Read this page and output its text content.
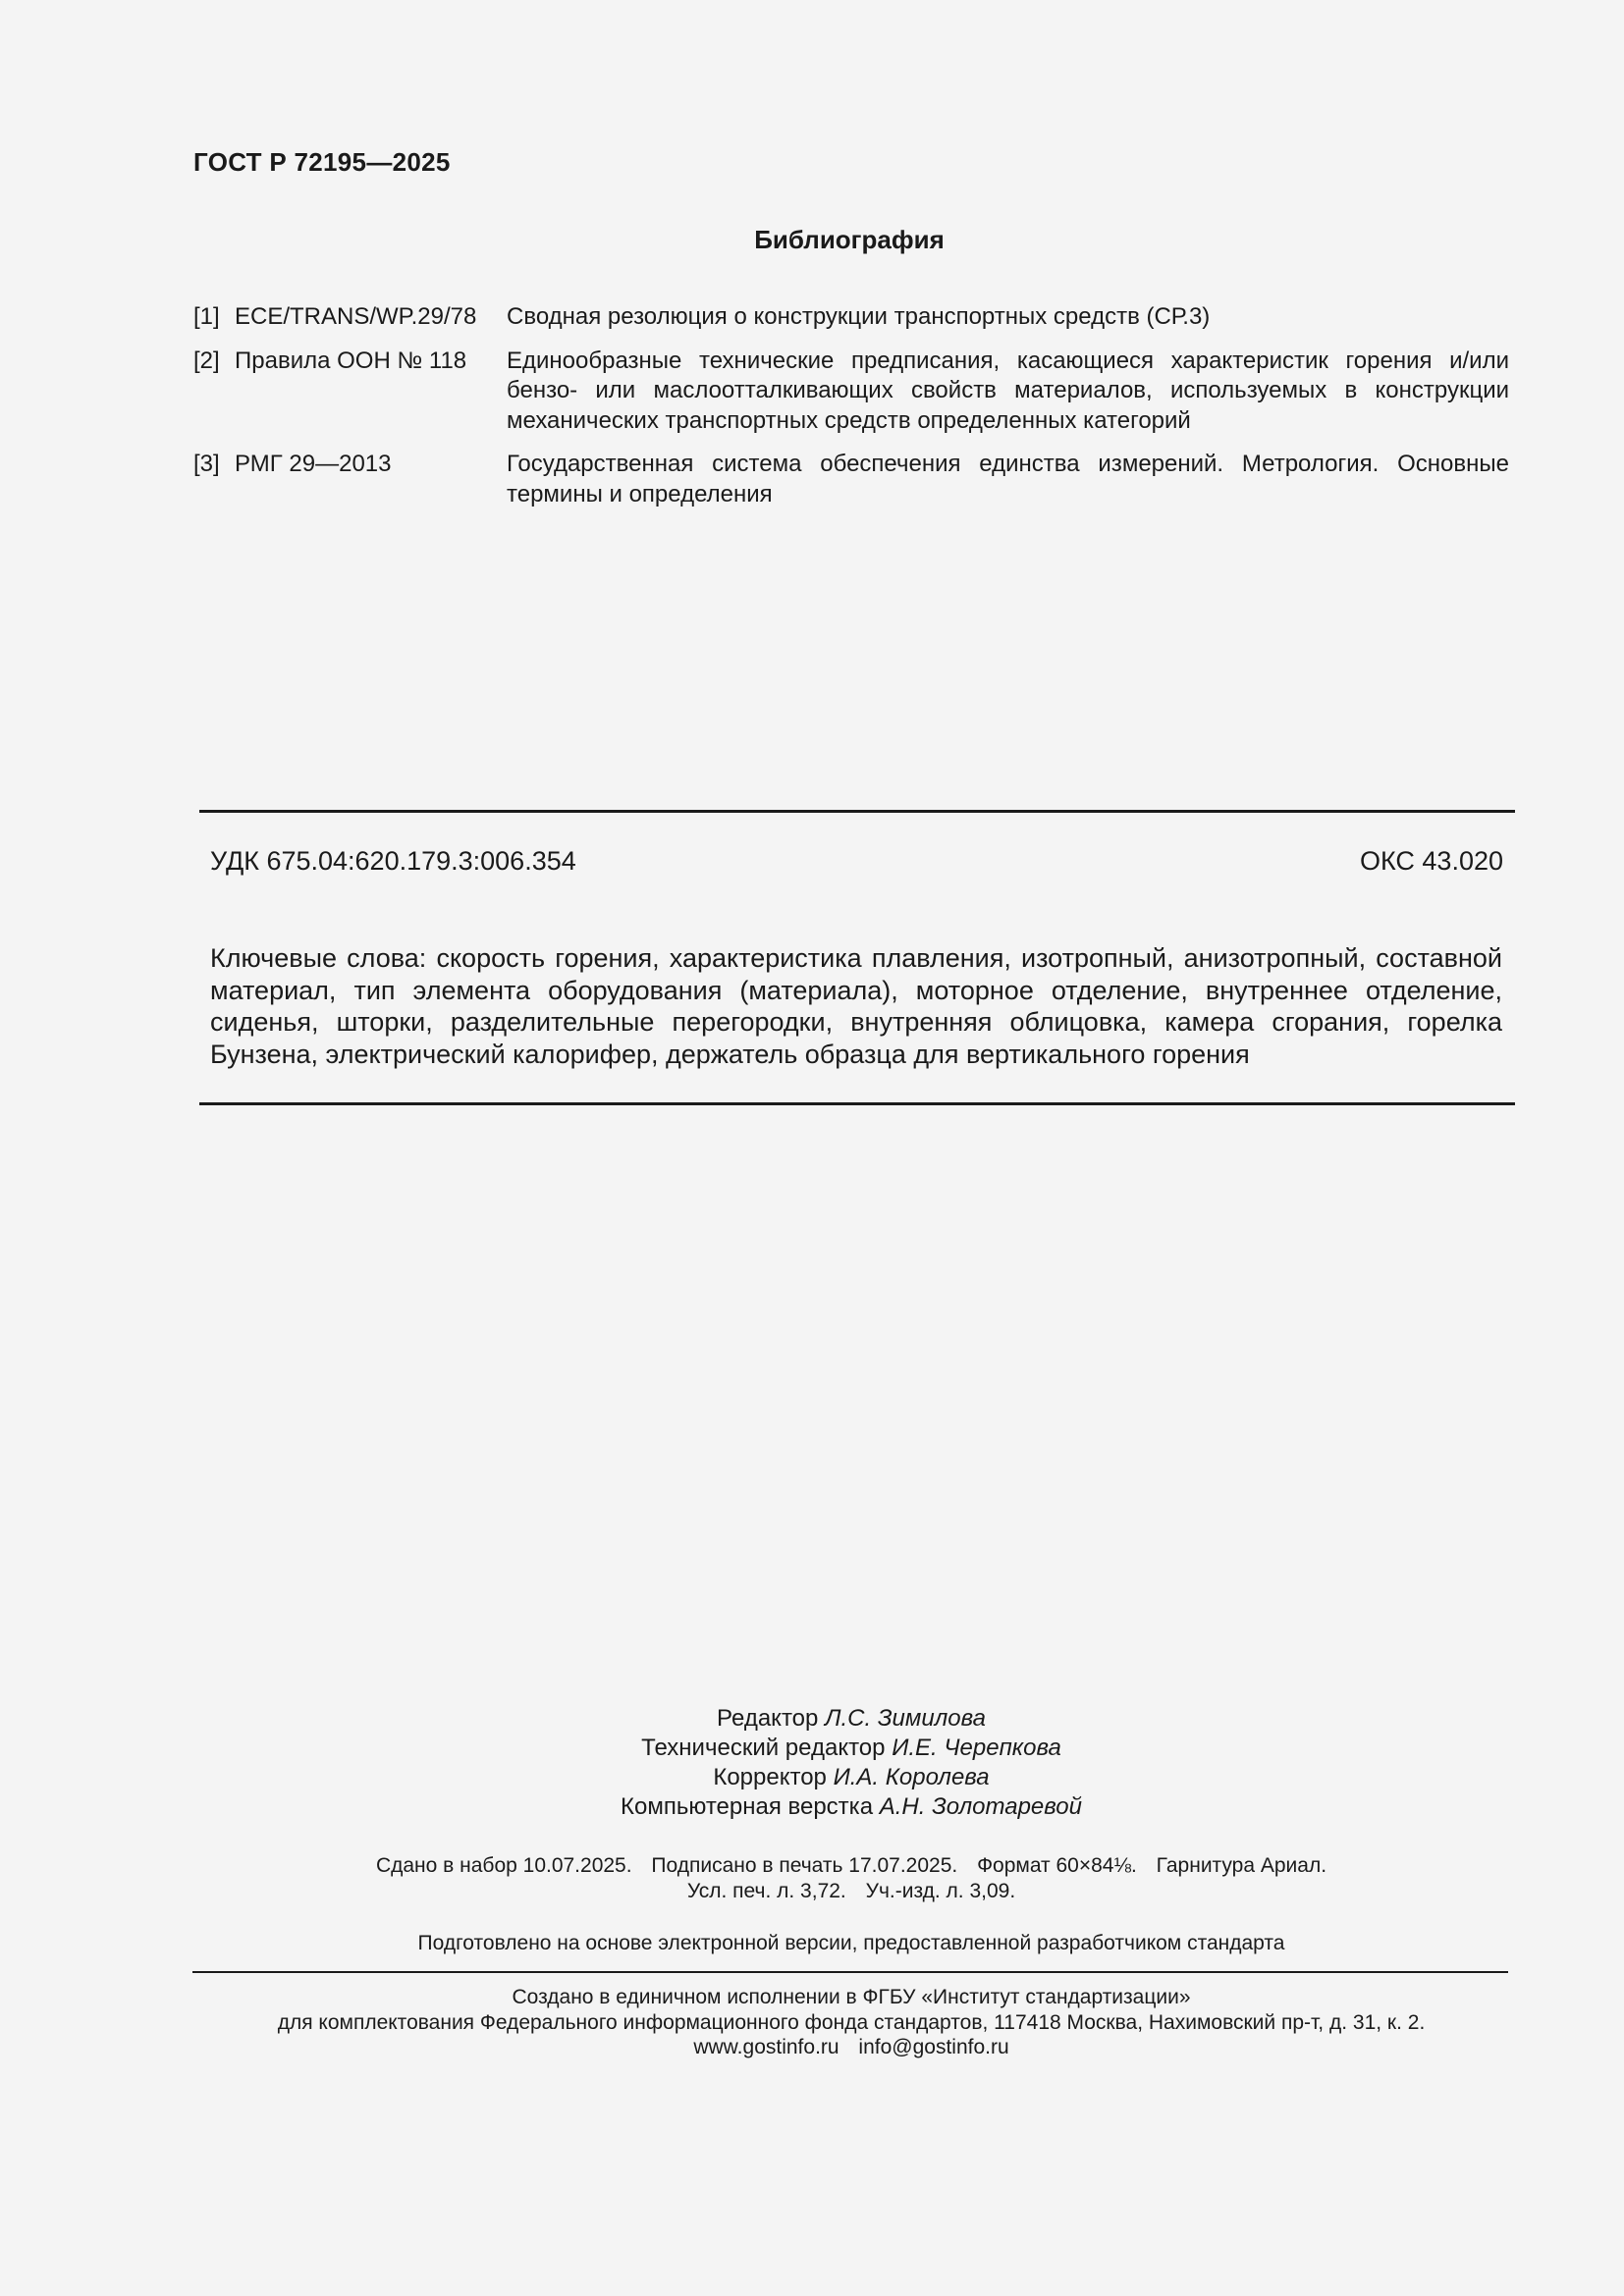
ГОСТ Р 72195—2025
Библиография
[1] ECE/TRANS/WP.29/78	Сводная резолюция о конструкции транспортных средств (СР.3)
[2] Правила ООН № 118	Единообразные технические предписания, касающиеся характеристик горения и/или бензо- или маслоотталкивающих свойств материалов, используемых в конструкции механических транспортных средств определенных категорий
[3] РМГ 29—2013	Государственная система обеспечения единства измерений. Метрология. Основные термины и определения
УДК 675.04:620.179.3:006.354	ОКС 43.020
Ключевые слова: скорость горения, характеристика плавления, изотропный, анизотропный, составной материал, тип элемента оборудования (материала), моторное отделение, внутреннее отделение, сиденья, шторки, разделительные перегородки, внутренняя облицовка, камера сгорания, горелка Бунзена, электрический калорифер, держатель образца для вертикального горения
Редактор Л.С. Зимилова
Технический редактор И.Е. Черепкова
Корректор И.А. Королева
Компьютерная верстка А.Н. Золотаревой
Сдано в набор 10.07.2025. Подписано в печать 17.07.2025. Формат 60×84⅛. Гарнитура Ариал.
Усл. печ. л. 3,72. Уч.-изд. л. 3,09.
Подготовлено на основе электронной версии, предоставленной разработчиком стандарта
Создано в единичном исполнении в ФГБУ «Институт стандартизации»
для комплектования Федерального информационного фонда стандартов, 117418 Москва, Нахимовский пр-т, д. 31, к. 2.
www.gostinfo.ru info@gostinfo.ru
